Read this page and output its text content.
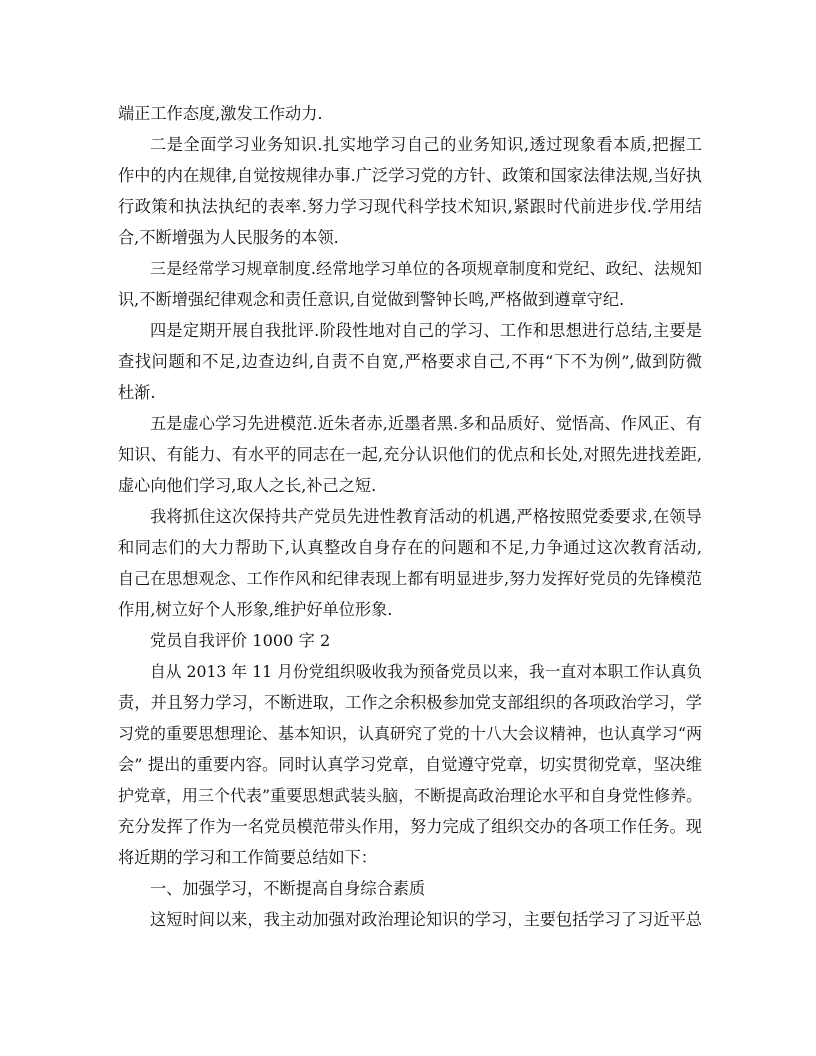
端正工作态度,激发工作动力.
二是全面学习业务知识.扎实地学习自己的业务知识,透过现象看本质,把握工
作中的内在规律,自觉按规律办事.广泛学习党的方针、政策和国家法律法规,当好执
行政策和执法执纪的表率.努力学习现代科学技术知识,紧跟时代前进步伐.学用结
合,不断增强为人民服务的本领.
三是经常学习规章制度.经常地学习单位的各项规章制度和党纪、政纪、法规知
识,不断增强纪律观念和责任意识,自觉做到警钟长鸣,严格做到遵章守纪.
四是定期开展自我批评.阶段性地对自己的学习、工作和思想进行总结,主要是
查找问题和不足,边查边纠,自责不自宽,严格要求自己,不再“下不为例”,做到防微
杜渐.
五是虚心学习先进模范.近朱者赤,近墨者黑.多和品质好、觉悟高、作风正、有
知识、有能力、有水平的同志在一起,充分认识他们的优点和长处,对照先进找差距,
虚心向他们学习,取人之长,补己之短.
我将抓住这次保持共产党员先进性教育活动的机遇,严格按照党委要求,在领导
和同志们的大力帮助下,认真整改自身存在的问题和不足,力争通过这次教育活动,
自己在思想观念、工作作风和纪律表现上都有明显进步,努力发挥好党员的先锋模范
作用,树立好个人形象,维护好单位形象.
党员自我评价 1000 字 2
自从 2013 年 11 月份党组织吸收我为预备党员以来，我一直对本职工作认真负
责，并且努力学习，不断进取，工作之余积极参加党支部组织的各项政治学习，学
习党的重要思想理论、基本知识，认真研究了党的十八大会议精神，也认真学习“两
会” 提出的重要内容。同时认真学习党章，自觉遵守党章，切实贯彻党章，坚决维
护党章，用三个代表”重要思想武装头脑，不断提高政治理论水平和自身党性修养。
充分发挥了作为一名党员模范带头作用，努力完成了组织交办的各项工作任务。现
将近期的学习和工作简要总结如下：
一、加强学习，不断提高自身综合素质
这短时间以来，我主动加强对政治理论知识的学习，主要包括学习了习近平总
